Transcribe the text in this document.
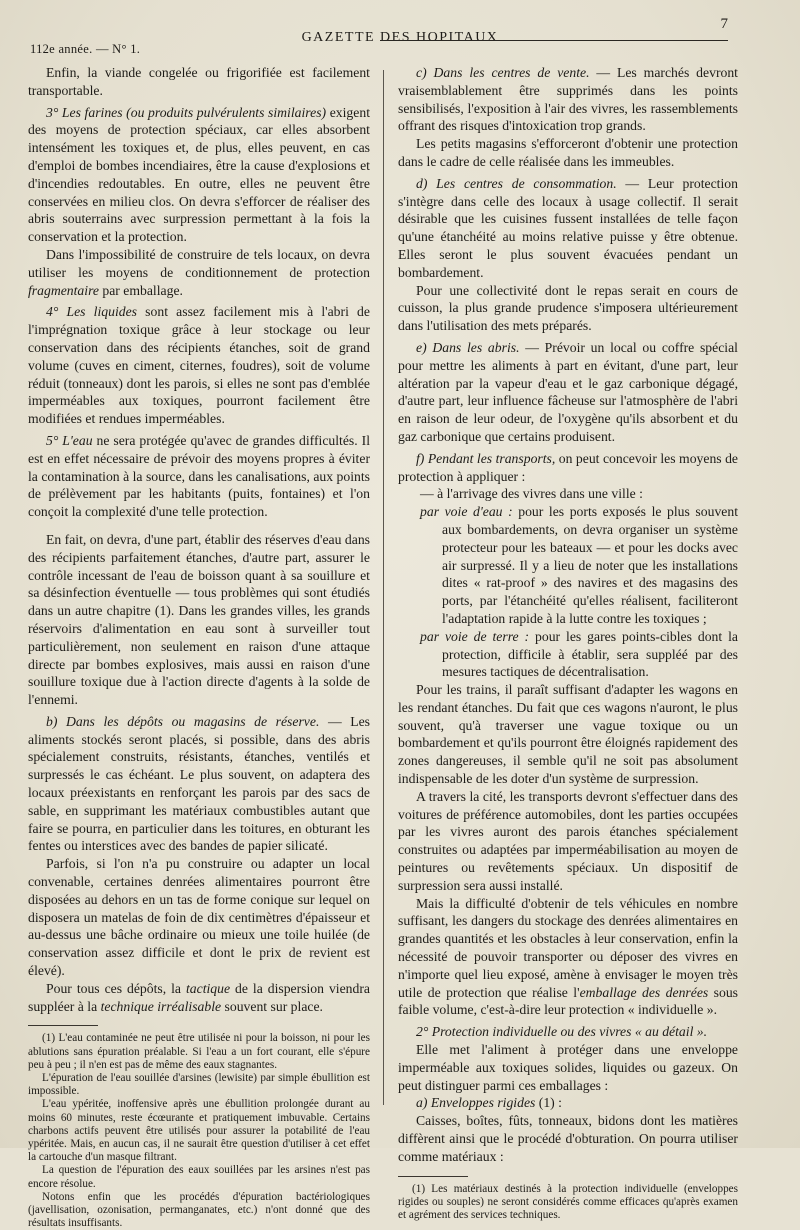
112e année. — N° 1.
GAZETTE DES HOPITAUX
7

Enfin, la viande congelée ou frigorifiée est facilement transportable.

3° Les farines (ou produits pulvérulents similaires) exigent des moyens de protection spéciaux, car elles absorbent intensément les toxiques et, de plus, elles peuvent, en cas d'emploi de bombes incendiaires, être la cause d'explosions et d'incendies redoutables. En outre, elles ne peuvent être conservées en milieu clos. On devra s'efforcer de réaliser des abris souterrains avec surpression permettant à la fois la conservation et la protection.

Dans l'impossibilité de construire de tels locaux, on devra utiliser les moyens de conditionnement de protection fragmentaire par emballage.

4° Les liquides sont assez facilement mis à l'abri de l'imprégnation toxique grâce à leur stockage ou leur conservation dans des récipients étanches, soit de grand volume (cuves en ciment, citernes, foudres), soit de volume réduit (tonneaux) dont les parois, si elles ne sont pas d'emblée imperméables aux toxiques, pourront facilement être modifiées et rendues imperméables.

5° L'eau ne sera protégée qu'avec de grandes difficultés. Il est en effet nécessaire de prévoir des moyens propres à éviter la contamination à la source, dans les canalisations, aux points de prélèvement par les habitants (puits, fontaines) et l'on conçoit la complexité d'une telle protection.

En fait, on devra, d'une part, établir des réserves d'eau dans des récipients parfaitement étanches, d'autre part, assurer le contrôle incessant de l'eau de boisson quant à sa souillure et sa désinfection éventuelle — tous problèmes qui sont étudiés dans un autre chapitre (1). Dans les grandes villes, les grands réservoirs d'alimentation en eau sont à surveiller tout particulièrement, non seulement en raison d'une attaque directe par bombes explosives, mais aussi en raison d'une souillure toxique due à l'action directe d'agents à la solde de l'ennemi.

b) Dans les dépôts ou magasins de réserve. — Les aliments stockés seront placés, si possible, dans des abris spécialement construits, résistants, étanches, ventilés et surpressés le cas échéant. Le plus souvent, on adaptera des locaux préexistants en renforçant les parois par des sacs de sable, en supprimant les matériaux combustibles autant que faire se pourra, en particulier dans les toitures, en obturant les fentes ou interstices avec des bandes de papier silicaté.

Parfois, si l'on n'a pu construire ou adapter un local convenable, certaines denrées alimentaires pourront être disposées au dehors en un tas de forme conique sur lequel on disposera un matelas de foin de dix centimètres d'épaisseur et au-dessus une bâche ordinaire ou mieux une toile huilée (de conservation assez difficile et dont le prix de revient est élevé).

Pour tous ces dépôts, la tactique de la dispersion viendra suppléer à la technique irréalisable souvent sur place.

(1) L'eau contaminée ne peut être utilisée ni pour la boisson, ni pour les ablutions sans épuration préalable. Si l'eau a un fort courant, elle s'épure peu à peu ; il n'en est pas de même des eaux stagnantes.

L'épuration de l'eau souillée d'arsines (lewisite) par simple ébullition est impossible.

L'eau ypéritée, inoffensive après une ébullition prolongée durant au moins 60 minutes, reste écœurante et pratiquement imbuvable. Certains charbons actifs peuvent être utilisés pour assurer la potabilité de l'eau ypéritée. Mais, en aucun cas, il ne saurait être question d'utiliser à cet effet la cartouche d'un masque filtrant.

La question de l'épuration des eaux souillées par les arsines n'est pas encore résolue.

Notons enfin que les procédés d'épuration bactériologiques (javellisation, ozonisation, permanganates, etc.) n'ont donné que des résultats insuffisants.

c) Dans les centres de vente. — Les marchés devront vraisemblablement être supprimés dans les points sensibilisés, l'exposition à l'air des vivres, les rassemblements offrant des risques d'intoxication trop grands.

Les petits magasins s'efforceront d'obtenir une protection dans le cadre de celle réalisée dans les immeubles.

d) Les centres de consommation. — Leur protection s'intègre dans celle des locaux à usage collectif. Il serait désirable que les cuisines fussent installées de telle façon qu'une étanchéité au moins relative puisse y être obtenue. Elles seront le plus souvent évacuées pendant un bombardement.

Pour une collectivité dont le repas serait en cours de cuisson, la plus grande prudence s'imposera ultérieurement dans l'utilisation des mets préparés.

e) Dans les abris. — Prévoir un local ou coffre spécial pour mettre les aliments à part en évitant, d'une part, leur altération par la vapeur d'eau et le gaz carbonique dégagé, d'autre part, leur influence fâcheuse sur l'atmosphère de l'abri en raison de leur odeur, de l'oxygène qu'ils absorbent et du gaz carbonique que certains produisent.

f) Pendant les transports, on peut concevoir les moyens de protection à appliquer :

— à l'arrivage des vivres dans une ville :

par voie d'eau : pour les ports exposés le plus souvent aux bombardements, on devra organiser un système protecteur pour les bateaux — et pour les docks avec air surpressé. Il y a lieu de noter que les installations dites « rat-proof » des navires et des magasins des ports, par l'étanchéité qu'elles réalisent, faciliteront l'adaptation rapide à la lutte contre les toxiques ;

par voie de terre : pour les gares points-cibles dont la protection, difficile à établir, sera suppléé par des mesures tactiques de décentralisation.

Pour les trains, il paraît suffisant d'adapter les wagons en les rendant étanches. Du fait que ces wagons n'auront, le plus souvent, qu'à traverser une vague toxique ou un bombardement et qu'ils pourront être éloignés rapidement des zones dangereuses, il semble qu'il ne soit pas absolument indispensable de les doter d'un système de surpression.

A travers la cité, les transports devront s'effectuer dans des voitures de préférence automobiles, dont les parties occupées par les vivres auront des parois étanches spécialement construites ou adaptées par imperméabilisation au moyen de peintures ou revêtements spéciaux. Un dispositif de surpression sera aussi installé.

Mais la difficulté d'obtenir de tels véhicules en nombre suffisant, les dangers du stockage des denrées alimentaires en grandes quantités et les obstacles à leur conservation, enfin la nécessité de pouvoir transporter ou déposer des vivres en n'importe quel lieu exposé, amène à envisager le moyen très utile de protection que réalise l'emballage des denrées sous faible volume, c'est-à-dire leur protection « individuelle ».

2° Protection individuelle ou des vivres « au détail ».

Elle met l'aliment à protéger dans une enveloppe imperméable aux toxiques solides, liquides ou gazeux. On peut distinguer parmi ces emballages :

a) Enveloppes rigides (1) :

Caisses, boîtes, fûts, tonneaux, bidons dont les matières diffèrent ainsi que le procédé d'obturation. On pourra utiliser comme matériaux :

(1) Les matériaux destinés à la protection individuelle (enveloppes rigides ou souples) ne seront considérés comme efficaces qu'après examen et agrément des services techniques.
